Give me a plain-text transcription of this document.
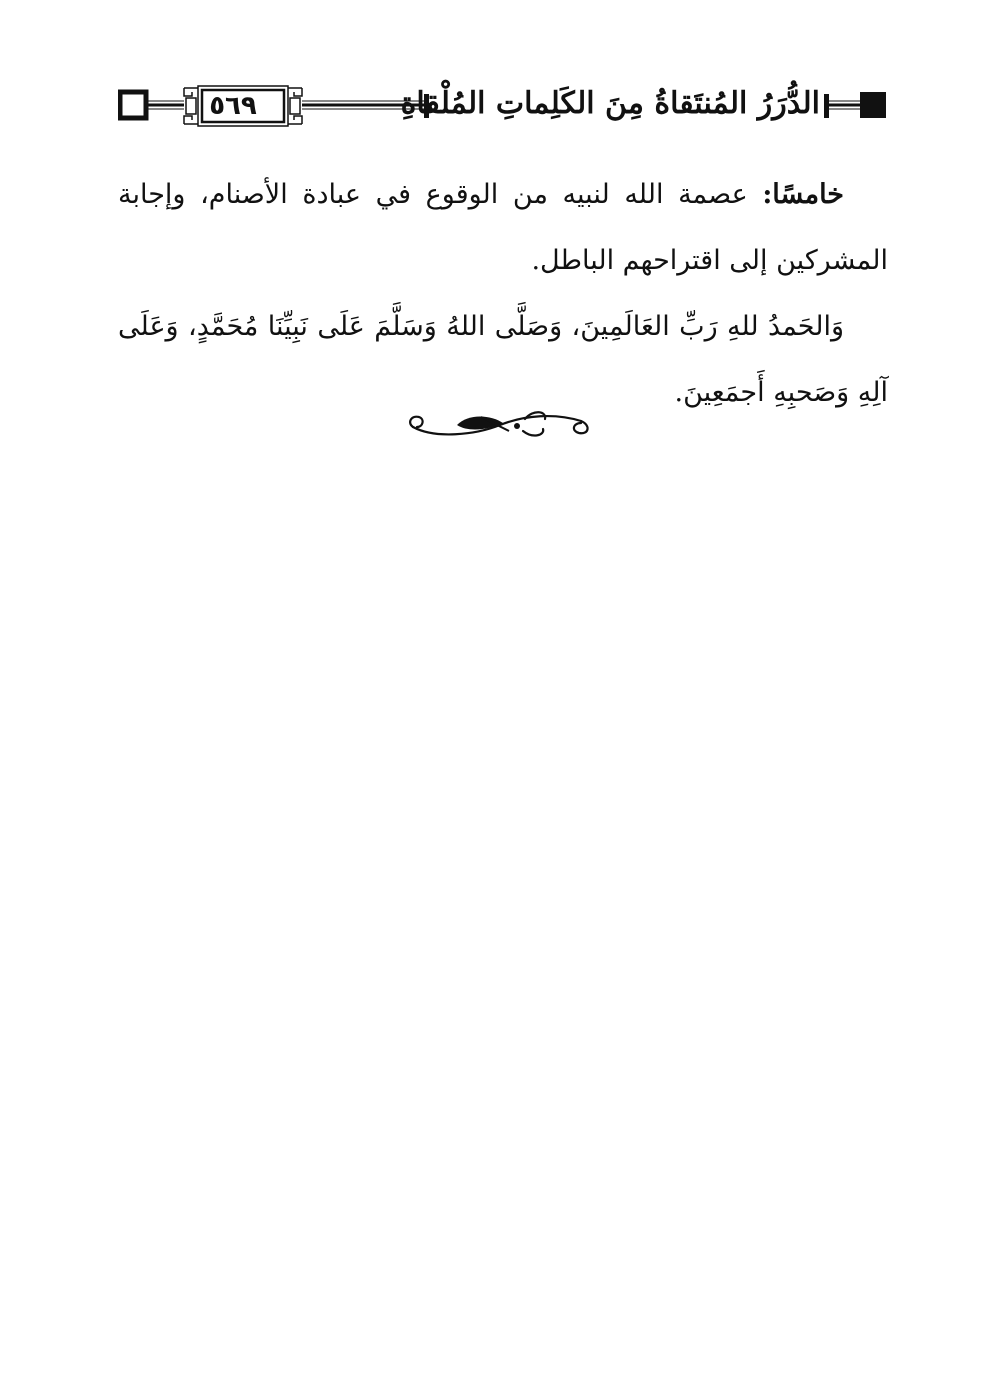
٥٦٩	الدُّرَرُ المُنتَقاةُ مِنَ الكَلِماتِ المُلْقاةِ

خامسًا: عصمة الله لنبيه من الوقوع في عبادة الأصنام، وإجابة المشركين إلى اقتراحهم الباطل.

وَالحَمدُ للهِ رَبِّ العَالَمِينَ، وَصَلَّى اللهُ وَسَلَّمَ عَلَى نَبِيِّنَا مُحَمَّدٍ، وَعَلَى آلِهِ وَصَحبِهِ أَجمَعِينَ.
